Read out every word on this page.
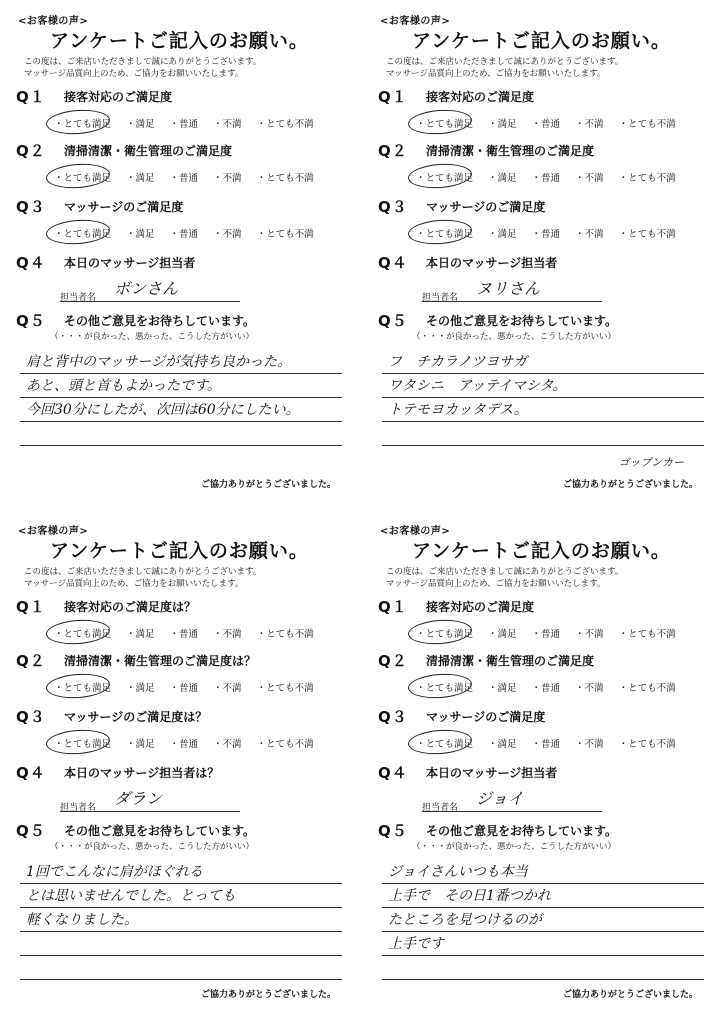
<お客様の声>
アンケートご記入のお願い。
この度は、ご来店いただきまして誠にありがとうございます。
マッサージ品質向上のため、ご協力をお願いいたします。
Q１ 接客対応のご満足度
・とても満足 ・満足 ・普通 ・不満 ・とても不満
Q２ 清掃清潔・衛生管理のご満足度
・とても満足 ・満足 ・普通 ・不満 ・とても不満
Q３ マッサージのご満足度
・とても満足 ・満足 ・普通 ・不満 ・とても不満
Q４ 本日のマッサージ担当者
担当者名 ボンさん
Q５ その他ご意見をお待ちしています。
（・・・が良かった、悪かった、こうした方がいい）
肩と背中のマッサージが気持ち良かった。
あと、頭と首もよかったです。
今回30分にしたが、次回は60分にしたい。
ご協力ありがとうございました。
<お客様の声>
アンケートご記入のお願い。
この度は、ご来店いただきまして誠にありがとうございます。
マッサージ品質向上のため、ご協力をお願いいたします。
Q１ 接客対応のご満足度
・とても満足 ・満足 ・普通 ・不満 ・とても不満
Q２ 清掃清潔・衛生管理のご満足度
・とても満足 ・満足 ・普通 ・不満 ・とても不満
Q３ マッサージのご満足度
・とても満足 ・満足 ・普通 ・不満 ・とても不満
Q４ 本日のマッサージ担当者
担当者名 ヌリさん
Q５ その他ご意見をお待ちしています。
（・・・が良かった、悪かった、こうした方がいい）
フ　チカラノツヨサガ
ワタシニ　アッテイマシタ。
トテモヨカッタデス。
ゴップンカー
ご協力ありがとうございました。
<お客様の声>
アンケートご記入のお願い。
この度は、ご来店いただきまして誠にありがとうございます。
マッサージ品質向上のため、ご協力をお願いいたします。
Q１ 接客対応のご満足度は？
・とても満足 ・満足 ・普通 ・不満 ・とても不満
Q２ 清掃清潔・衛生管理のご満足度は？
・とても満足 ・満足 ・普通 ・不満 ・とても不満
Q３ マッサージのご満足度は？
・とても満足 ・満足 ・普通 ・不満 ・とても不満
Q４ 本日のマッサージ担当者は？
担当者名 ダラン
Q５ その他ご意見をお待ちしています。
（・・・が良かった、悪かった、こうした方がいい）
1回でこんなに肩がほぐれる
とは思いませんでした。とっても
軽くなりました。
ご協力ありがとうございました。
<お客様の声>
アンケートご記入のお願い。
この度は、ご来店いただきまして誠にありがとうございます。
マッサージ品質向上のため、ご協力をお願いいたします。
Q１ 接客対応のご満足度
・とても満足 ・満足 ・普通 ・不満 ・とても不満
Q２ 清掃清潔・衛生管理のご満足度
・とても満足 ・満足 ・普通 ・不満 ・とても不満
Q３ マッサージのご満足度
・とても満足 ・満足 ・普通 ・不満 ・とても不満
Q４ 本日のマッサージ担当者
担当者名 ジョイ
Q５ その他ご意見をお待ちしています。
（・・・が良かった、悪かった、こうした方がいい）
ジョイさんいつも本当
上手で　その日1番つかれ
たところを見つけるのが
上手です
ご協力ありがとうございました。
